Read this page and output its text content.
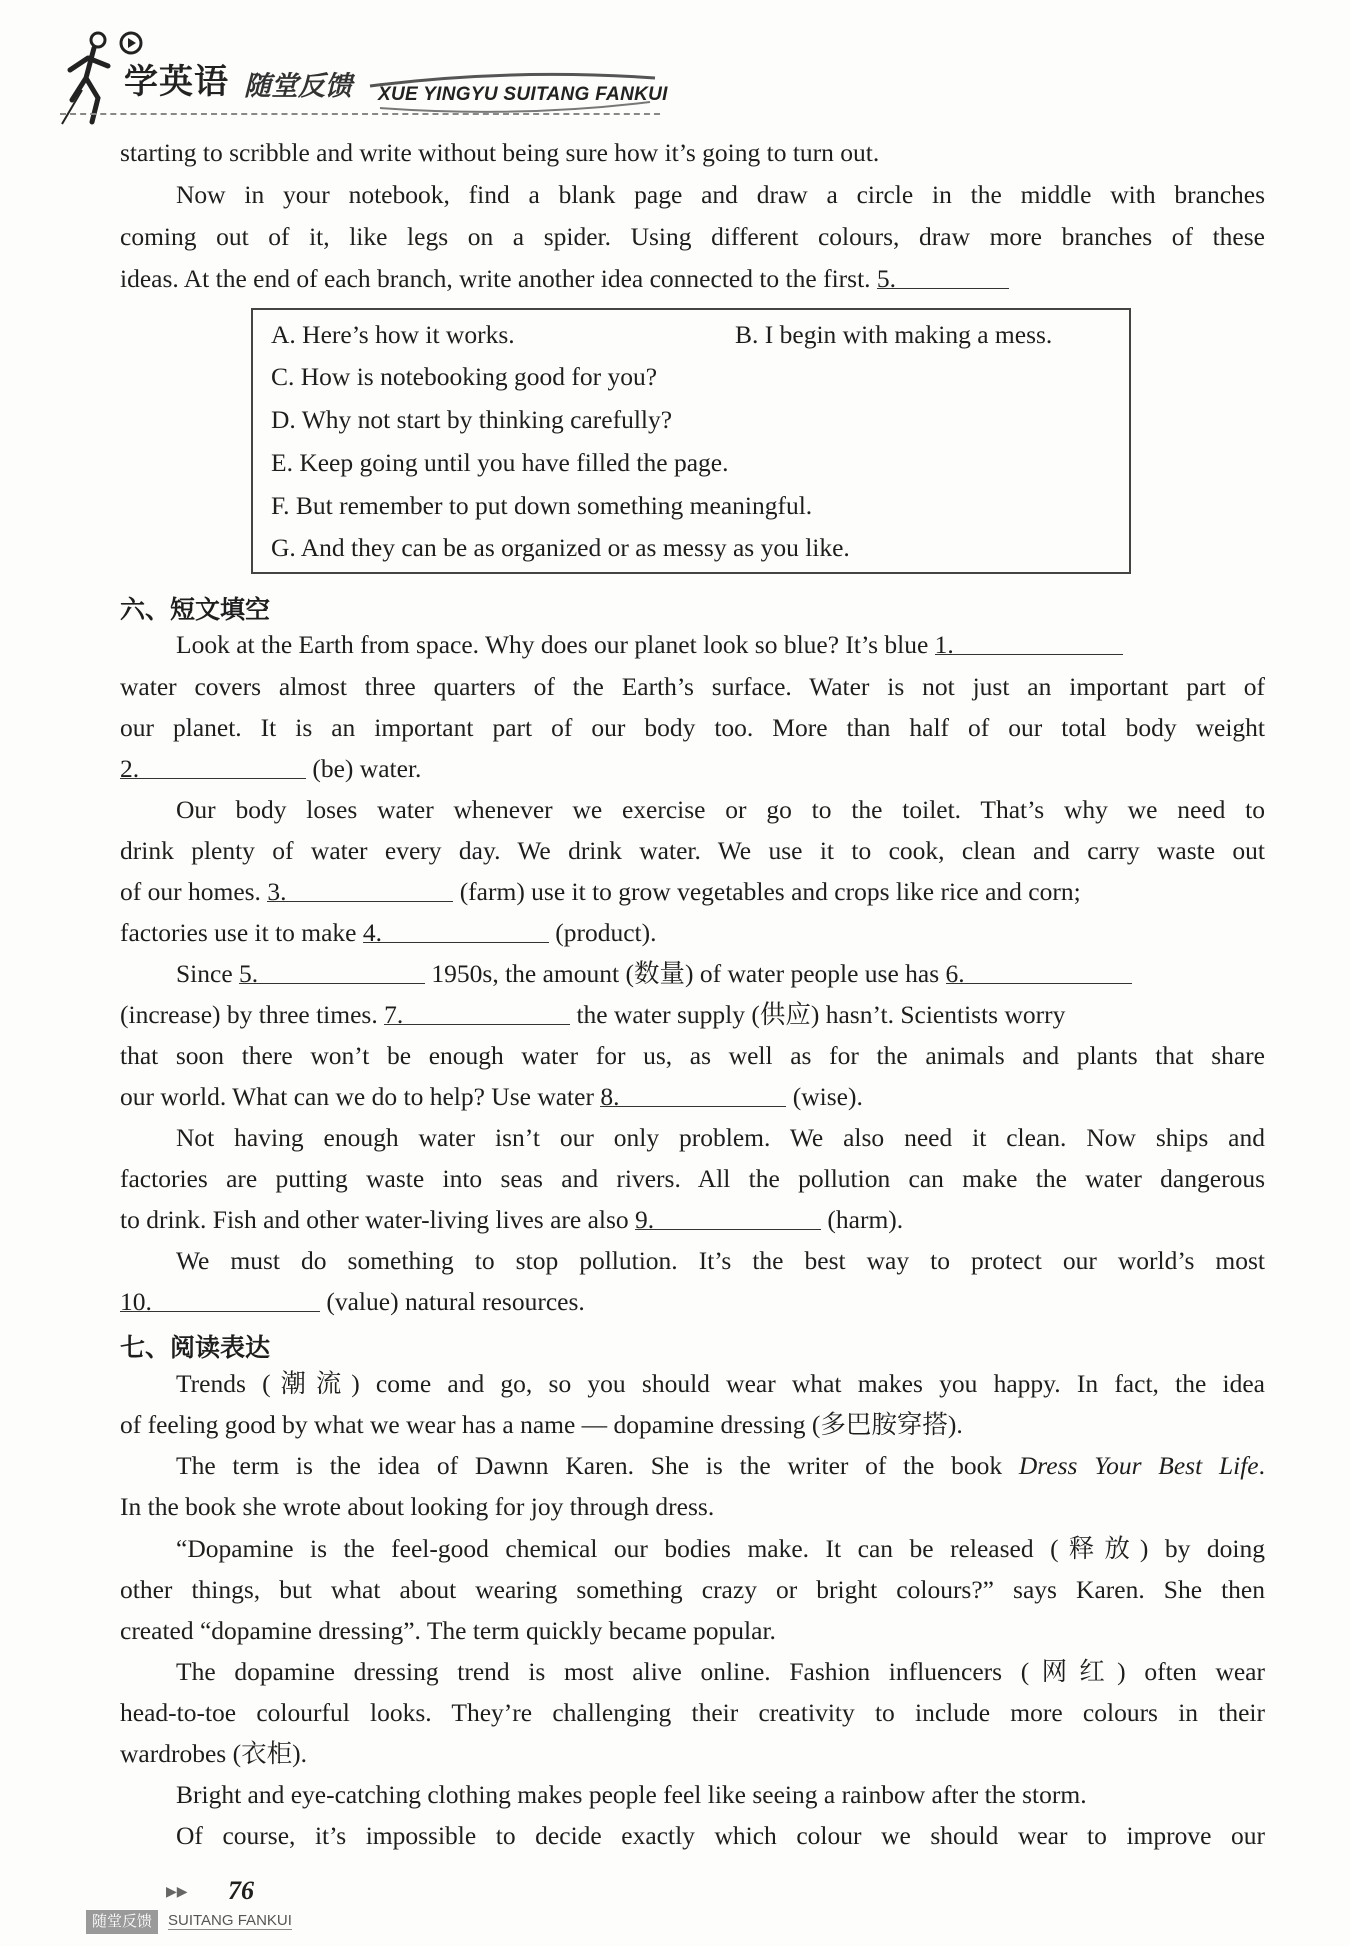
学英语 随堂反馈 XUE YINGYU SUITANG FANKUI

starting to scribble and write without being sure how it’s going to turn out.

Now in your notebook, find a blank page and draw a circle in the middle with branches

coming out of it, like legs on a spider. Using different colours, draw more branches of these

ideas. At the end of each branch, write another idea connected to the first. 5.

A. Here’s how it works.	B. I begin with making a mess.
C. How is notebooking good for you?
D. Why not start by thinking carefully?
E. Keep going until you have filled the page.
F. But remember to put down something meaningful.
G. And they can be as organized or as messy as you like.
六、短文填空

Look at the Earth from space. Why does our planet look so blue? It’s blue 1.

water covers almost three quarters of the Earth’s surface. Water is not just an important part of

our planet. It is an important part of our body too. More than half of our total body weight

2.	(be) water.

Our body loses water whenever we exercise or go to the toilet. That’s why we need to

drink plenty of water every day. We drink water. We use it to cook, clean and carry waste out

of our homes. 3.	(farm) use it to grow vegetables and crops like rice and corn;

factories use it to make 4.	(product).

Since 5.	1950s, the amount (数量) of water people use has 6.

(increase) by three times. 7.	the water supply (供应) hasn’t. Scientists worry

that soon there won’t be enough water for us, as well as for the animals and plants that share

our world. What can we do to help? Use water 8.	(wise).

Not having enough water isn’t our only problem. We also need it clean. Now ships and

factories are putting waste into seas and rivers. All the pollution can make the water dangerous

to drink. Fish and other water-living lives are also 9.	(harm).

We must do something to stop pollution. It’s the best way to protect our world’s most

10.	(value) natural resources.

七、阅读表达

Trends (潮流) come and go, so you should wear what makes you happy. In fact, the idea

of feeling good by what we wear has a name — dopamine dressing (多巴胺穿搭).

The term is the idea of Dawnn Karen. She is the writer of the book Dress Your Best Life.

In the book she wrote about looking for joy through dress.

“Dopamine is the feel-good chemical our bodies make. It can be released (释放) by doing

other things, but what about wearing something crazy or bright colours?” says Karen. She then

created “dopamine dressing”. The term quickly became popular.

The dopamine dressing trend is most alive online. Fashion influencers (网红) often wear

head-to-toe colourful looks. They’re challenging their creativity to include more colours in their

wardrobes (衣柜).

Bright and eye-catching clothing makes people feel like seeing a rainbow after the storm.

Of course, it’s impossible to decide exactly which colour we should wear to improve our

▶▶ 76
随堂反馈	SUITANG FANKUI
